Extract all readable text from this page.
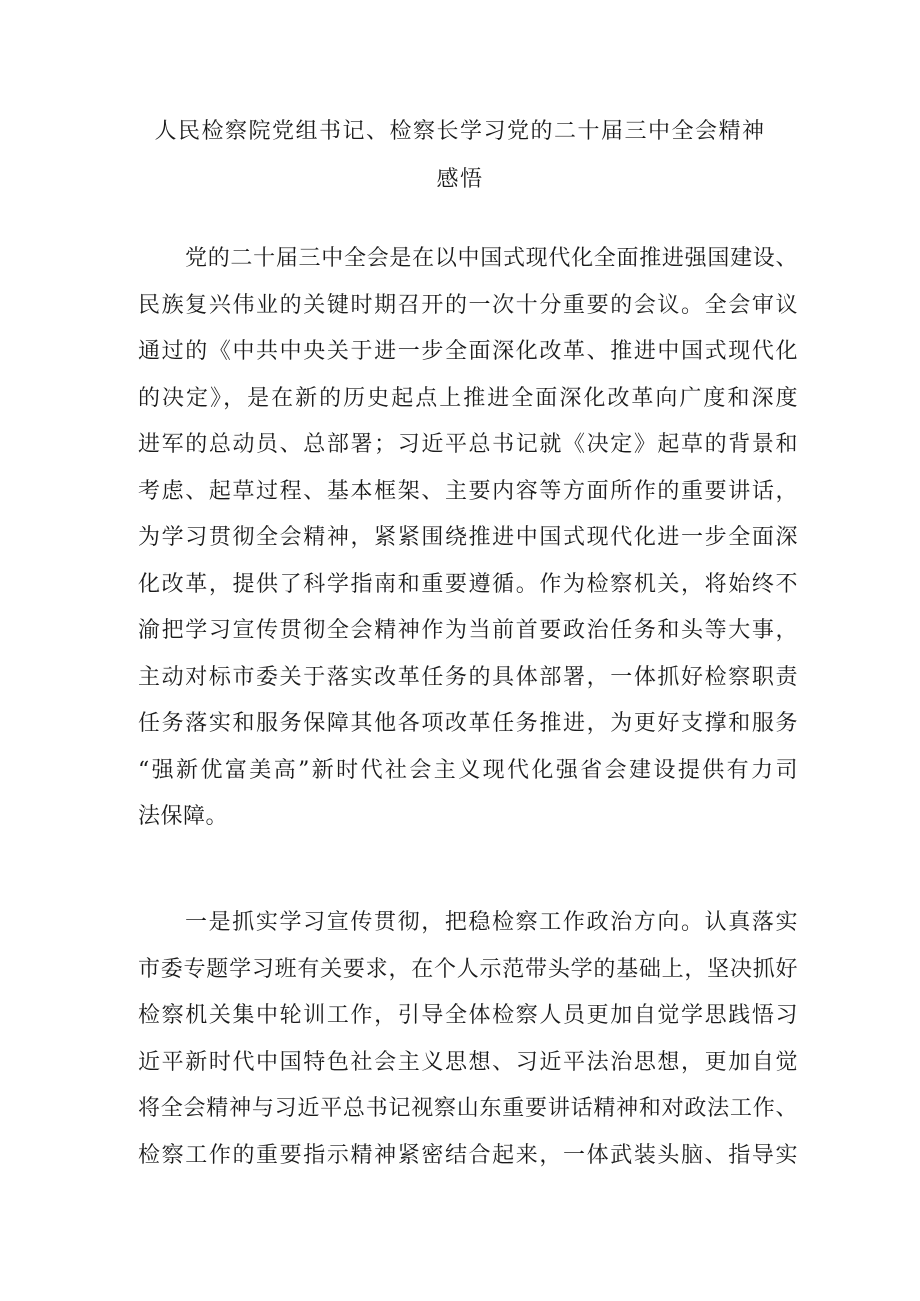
人民检察院党组书记、检察长学习党的二十届三中全会精神
感悟
党的二十届三中全会是在以中国式现代化全面推进强国建设、
民族复兴伟业的关键时期召开的一次十分重要的会议。全会审议
通过的《中共中央关于进一步全面深化改革、推进中国式现代化
的决定》，是在新的历史起点上推进全面深化改革向广度和深度
进军的总动员、总部署；习近平总书记就《决定》起草的背景和
考虑、起草过程、基本框架、主要内容等方面所作的重要讲话，
为学习贯彻全会精神，紧紧围绕推进中国式现代化进一步全面深
化改革，提供了科学指南和重要遵循。作为检察机关，将始终不
渝把学习宣传贯彻全会精神作为当前首要政治任务和头等大事，
主动对标市委关于落实改革任务的具体部署，一体抓好检察职责
任务落实和服务保障其他各项改革任务推进，为更好支撑和服务
“强新优富美高”新时代社会主义现代化强省会建设提供有力司
法保障。
一是抓实学习宣传贯彻，把稳检察工作政治方向。认真落实
市委专题学习班有关要求，在个人示范带头学的基础上，坚决抓好
检察机关集中轮训工作，引导全体检察人员更加自觉学思践悟习
近平新时代中国特色社会主义思想、习近平法治思想，更加自觉
将全会精神与习近平总书记视察山东重要讲话精神和对政法工作、
检察工作的重要指示精神紧密结合起来，一体武装头脑、指导实
